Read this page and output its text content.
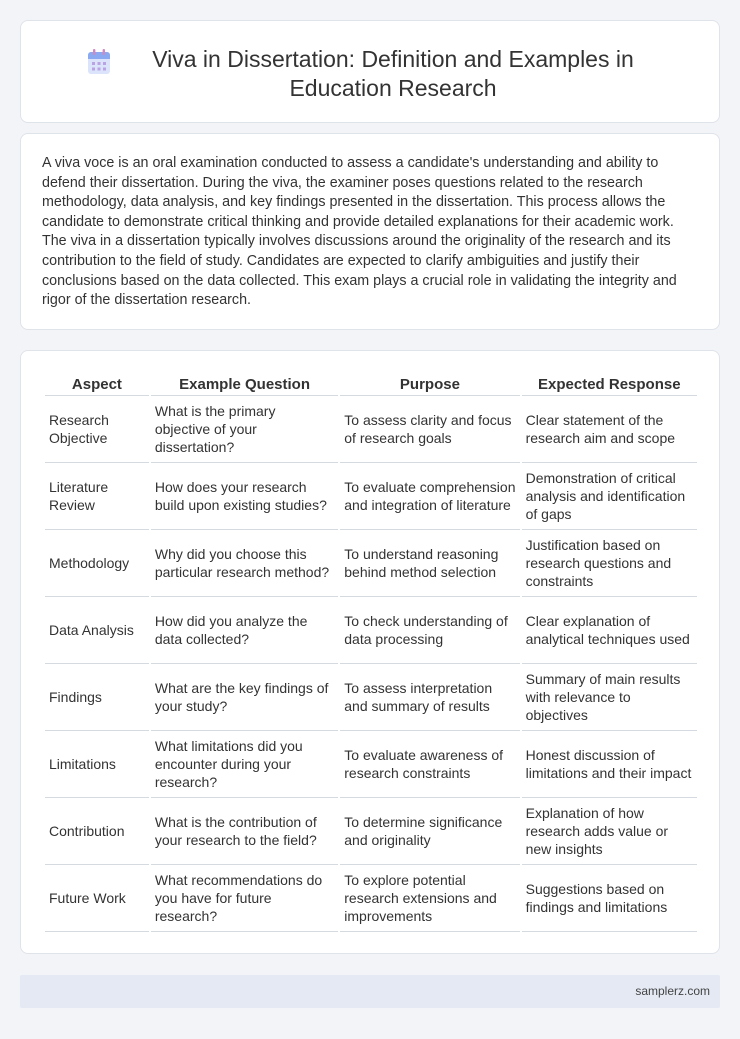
Viva in Dissertation: Definition and Examples in Education Research

A viva voce is an oral examination conducted to assess a candidate's understanding and ability to defend their dissertation. During the viva, the examiner poses questions related to the research methodology, data analysis, and key findings presented in the dissertation. This process allows the candidate to demonstrate critical thinking and provide detailed explanations for their academic work. The viva in a dissertation typically involves discussions around the originality of the research and its contribution to the field of study. Candidates are expected to clarify ambiguities and justify their conclusions based on the data collected. This exam plays a crucial role in validating the integrity and rigor of the dissertation research.

Aspect	Example Question	Purpose	Expected Response
Research Objective	What is the primary objective of your dissertation?	To assess clarity and focus of research goals	Clear statement of the research aim and scope
Literature Review	How does your research build upon existing studies?	To evaluate comprehension and integration of literature	Demonstration of critical analysis and identification of gaps
Methodology	Why did you choose this particular research method?	To understand reasoning behind method selection	Justification based on research questions and constraints
Data Analysis	How did you analyze the data collected?	To check understanding of data processing	Clear explanation of analytical techniques used
Findings	What are the key findings of your study?	To assess interpretation and summary of results	Summary of main results with relevance to objectives
Limitations	What limitations did you encounter during your research?	To evaluate awareness of research constraints	Honest discussion of limitations and their impact
Contribution	What is the contribution of your research to the field?	To determine significance and originality	Explanation of how research adds value or new insights
Future Work	What recommendations do you have for future research?	To explore potential research extensions and improvements	Suggestions based on findings and limitations
samplerz.com
